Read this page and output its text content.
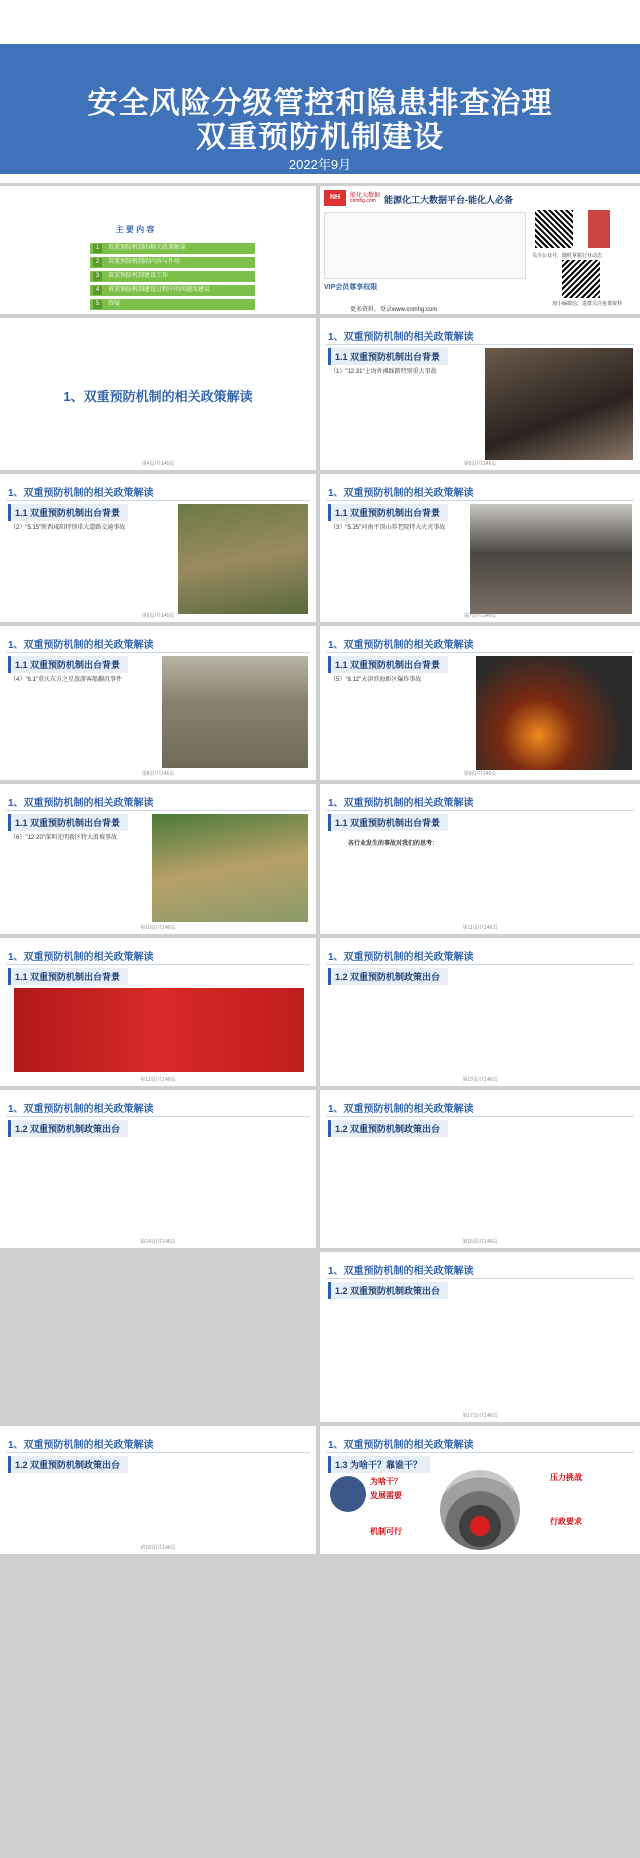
安全风险分级管控和隐患排查治理
双重预防机制建设
2022年9月
主 要 内 容
1	双重预防机制的相关政策解读
2	双重预防机制的内容与作用
3	双重预防机制建设工作
4	双重预防机制建设过程中的问题及建议
5	答疑
NH	能化大数据
cnmhg.com 能源化工大数据平台-能化人必备
VIP会员尊享权限
关注公众号，随时掌握行业动态
加小编微信，进群关注免费资料
更多资料，登录www.cnmhg.com
1、双重预防机制的相关政策解读
第4页/共146页
1、双重预防机制的相关政策解读
1.1 双重预防机制出台背景
（1）"12.31"上海外滩踩踏特别重大事故
第5页/共146页
1、双重预防机制的相关政策解读
1.1 双重预防机制出台背景
（2）"5.15"陕西咸阳特别重大道路交通事故
第6页/共146页
1、双重预防机制的相关政策解读
1.1 双重预防机制出台背景
（3）"5.25"河南平顶山养老院特大火灾事故
第7页/共146页
1、双重预防机制的相关政策解读
1.1 双重预防机制出台背景
（4）"6.1"重庆东方之星旅游客船翻沉事件
第8页/共146页
1、双重预防机制的相关政策解读
1.1 双重预防机制出台背景
（5）"8.12"天津滨海新区爆炸事故
第9页/共146页
1、双重预防机制的相关政策解读
1.1 双重预防机制出台背景
（6）"12·20"深圳光明新区特大滑坡事故
第10页/共146页
1、双重预防机制的相关政策解读
1.1 双重预防机制出台背景
各行业发生的事故对我们的思考：
第11页/共146页
1、双重预防机制的相关政策解读
1.1 双重预防机制出台背景
第12页/共146页
1、双重预防机制的相关政策解读
1.2 双重预防机制政策出台
第13页/共146页
1、双重预防机制的相关政策解读
1.2 双重预防机制政策出台
第14页/共146页
1、双重预防机制的相关政策解读
1.2 双重预防机制政策出台
第15页/共146页
1、双重预防机制的相关政策解读
1.2 双重预防机制政策出台
第17页/共146页
1、双重预防机制的相关政策解读
1.2 双重预防机制政策出台
第18页/共146页
1、双重预防机制的相关政策解读
1.3 为啥干？靠谁干？
为啥干？
发展需要
机制可行
压力挑战
行政要求
